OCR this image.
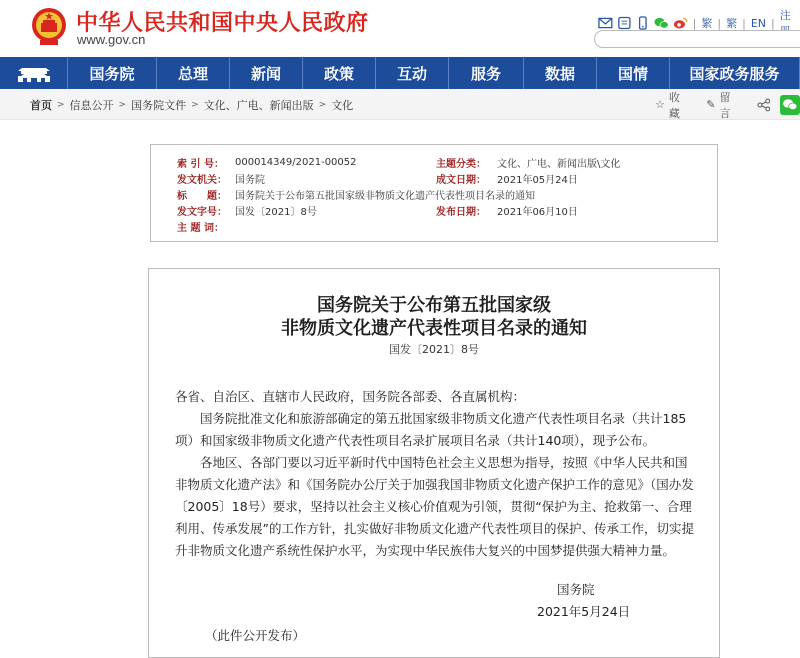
中华人民共和国中央人民政府
www.gov.cn
| 繁 | 繁 | EN |
注
国务院	总理	新闻	政策	互动	服务	数据	国情	国家政务服务
首页 > 信息公开 > 国务院文件 > 文化、广电、新闻出版 > 文化	☆
收藏
✎
留言
索 引 号：	000014349/2021-00052	主题分类：	文化、广电、新闻出版\文化
发文机关： 国务院	成文日期：	2021年05月24日
标　　题： 国务院关于公布第五批国家级非物质文化遗产代表性项目名录的通知
发文字号： 国发〔2021〕8号	发布日期：	2021年06月10日
主 题 词：
国务院关于公布第五批国家级
非物质文化遗产代表性项目名录的通知
国发〔2021〕8号

各省、自治区、直辖市人民政府，国务院各部委、各直属机构：

国务院批准文化和旅游部确定的第五批国家级非物质文化遗产代表性项目名录（共计185项）和国家级非物质文化遗产代表性项目名录扩展项目名录（共计140项），现予公布。

各地区、各部门要以习近平新时代中国特色社会主义思想为指导，按照《中华人民共和国非物质文化遗产法》和《国务院办公厅关于加强我国非物质文化遗产保护工作的意见》（国办发〔2005〕18号）要求，坚持以社会主义核心价值观为引领，贯彻“保护为主、抢救第一、合理利用、传承发展”的工作方针，扎实做好非物质文化遗产代表性项目的保护、传承工作，切实提升非物质文化遗产系统性保护水平，为实现中华民族伟大复兴的中国梦提供强大精神力量。

国务院
2021年5月24日
（此件公开发布）
